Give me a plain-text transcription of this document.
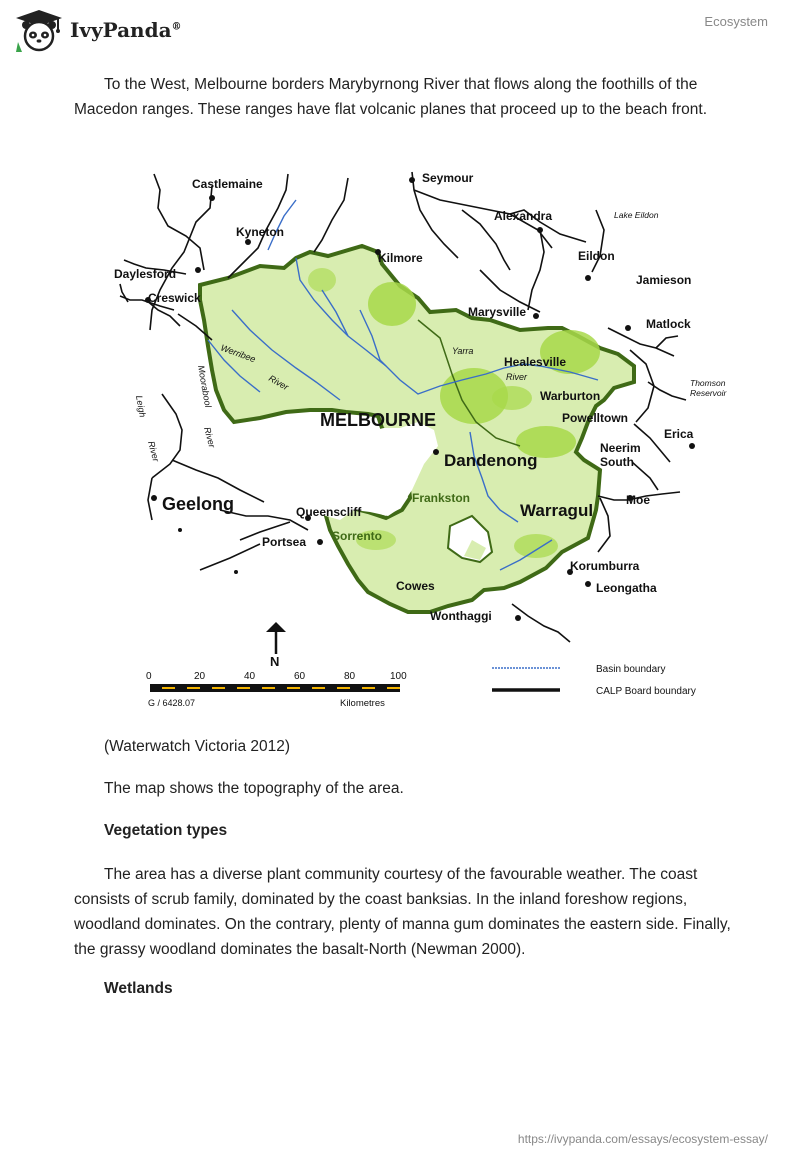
IvyPanda®	Ecosystem

To the West, Melbourne borders Marybyrnong River that flows along the foothills of the Macedon ranges. These ranges have flat volcanic planes that proceed up to the beach front.

Castlemaine	Seymour
Kyneton
Alexandra	Lake Eildon
Eildon
Kilmore
Daylesford	Jamieson
Creswick
Marysville
Matlock
Yarra
Healesville
River
Thomson
Reservoir
Warburton
Powelltown
MELBOURNE
Erica
Neerim
South
Dandenong
Geelong	Queenscliff
Frankston
Warragul
Moe
Portsea Sorrento
Korumburra
Leongatha
Cowes
Wonthaggi
Werribee
River
Moorabool
River
Leigh
River
N
0	20	40	60	80	100
G / 6428.07	Kilometres
Basin boundary
CALP Board boundary

(Waterwatch Victoria 2012)

The map shows the topography of the area.

Vegetation types

The area has a diverse plant community courtesy of the favourable weather. The coast consists of scrub family, dominated by the coast banksias. In the inland foreshow regions, woodland dominates. On the contrary, plenty of manna gum dominates the eastern side. Finally, the grassy woodland dominates the basalt-North (Newman 2000).

Wetlands

https://ivypanda.com/essays/ecosystem-essay/
